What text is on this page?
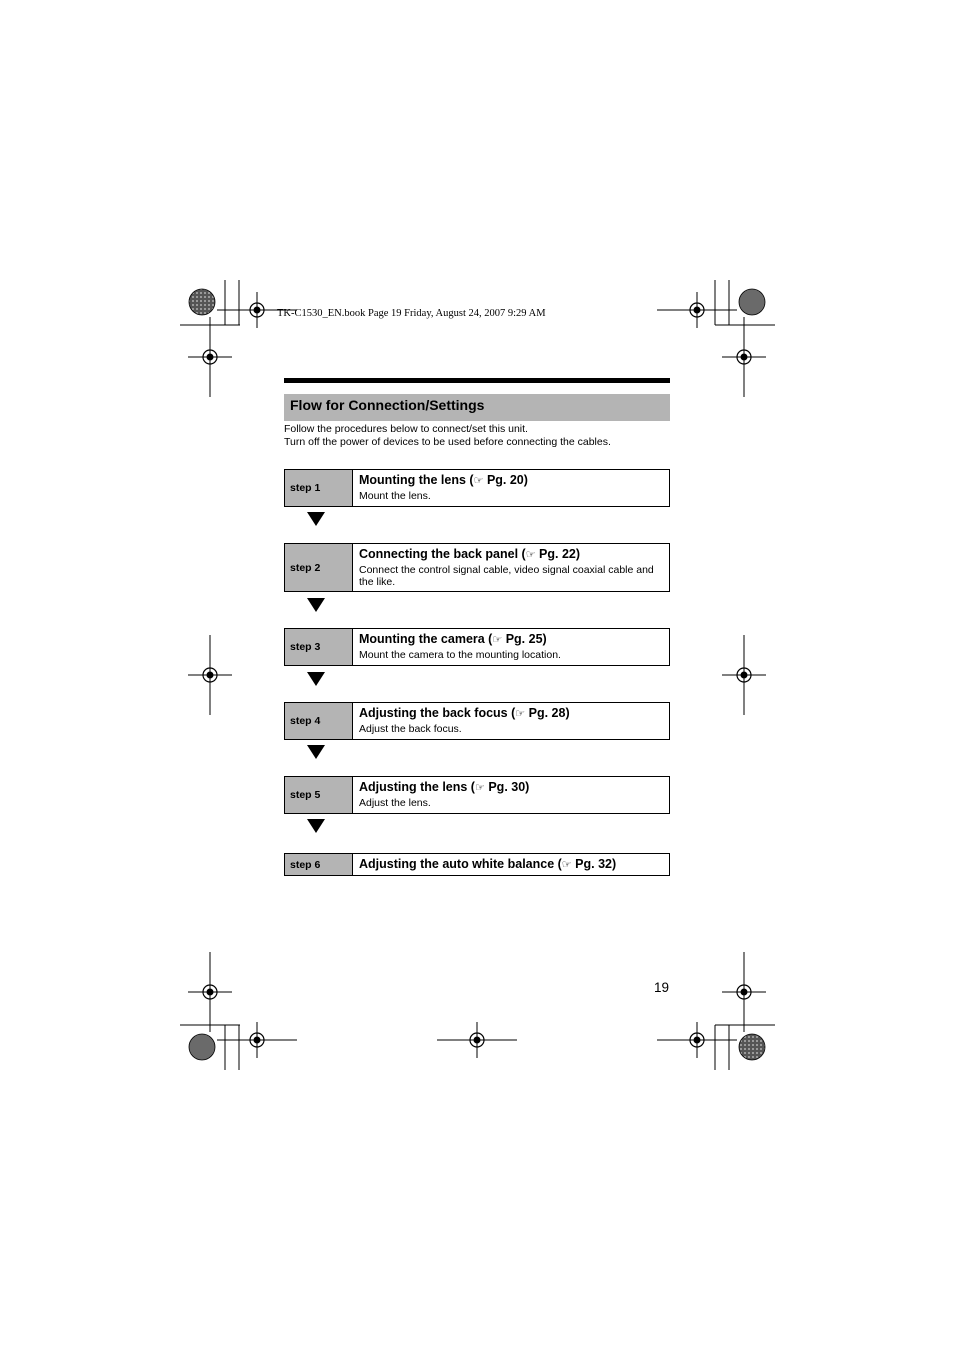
TK-C1530_EN.book Page 19 Friday, August 24, 2007 9:29 AM
Flow for Connection/Settings
Follow the procedures below to connect/set this unit.
Turn off the power of devices to be used before connecting the cables.
step 1
Mounting the lens (☞ Pg. 20)
Mount the lens.
step 2
Connecting the back panel (☞ Pg. 22)
Connect the control signal cable, video signal coaxial cable and the like.
step 3
Mounting the camera (☞ Pg. 25)
Mount the camera to the mounting location.
step 4
Adjusting the back focus (☞ Pg. 28)
Adjust the back focus.
step 5
Adjusting the lens (☞ Pg. 30)
Adjust the lens.
step 6	Adjusting the auto white balance (☞ Pg. 32)
19
